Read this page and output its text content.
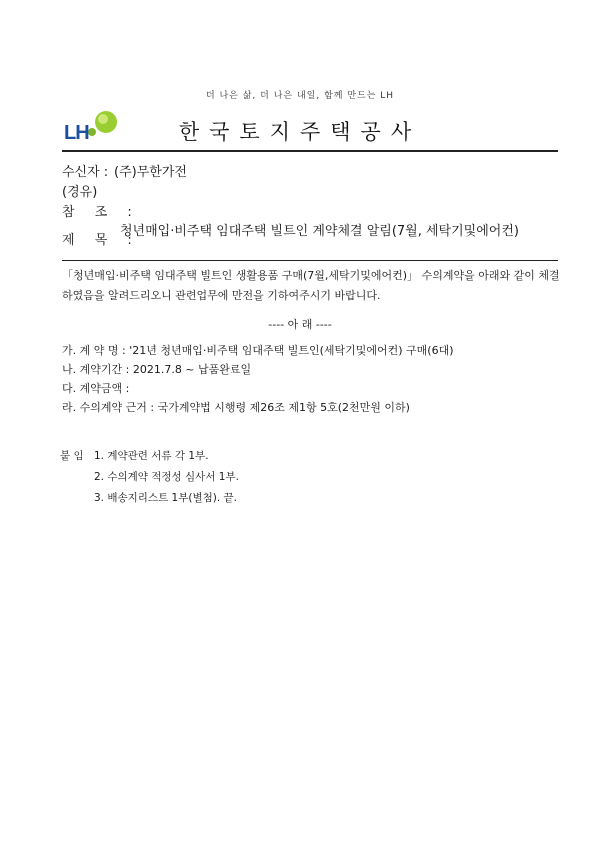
더 나은 삶, 더 나은 내일, 함께 만드는 LH
LH	한국토지주택공사
수신자 : (주)무한가전
(경유)
참 조 :
제 목 :
청년매입·비주택 임대주택 빌트인 계약체결 알림(7월, 세탁기및에어컨)
「청년매입·비주택 임대주택 빌트인 생활용품 구매(7월,세탁기및에어컨)」 수의계약을 아래와 같이 체결하였음을 알려드리오니 관련업무에 만전을 기하여주시기 바랍니다.
---- 아 래 ----
가. 계 약 명 : '21년 청년매입·비주택 임대주택 빌트인(세탁기및에어컨) 구매(6대)
나. 계약기간 : 2021.7.8 ~ 납품완료일
다. 계약금액 :
라. 수의계약 근거 : 국가계약법 시행령 제26조 제1항 5호(2천만원 이하)
붙 임 1. 계약관련 서류 각 1부.
2. 수의계약 적정성 심사서 1부.
3. 배송지리스트 1부(별첨). 끝.
